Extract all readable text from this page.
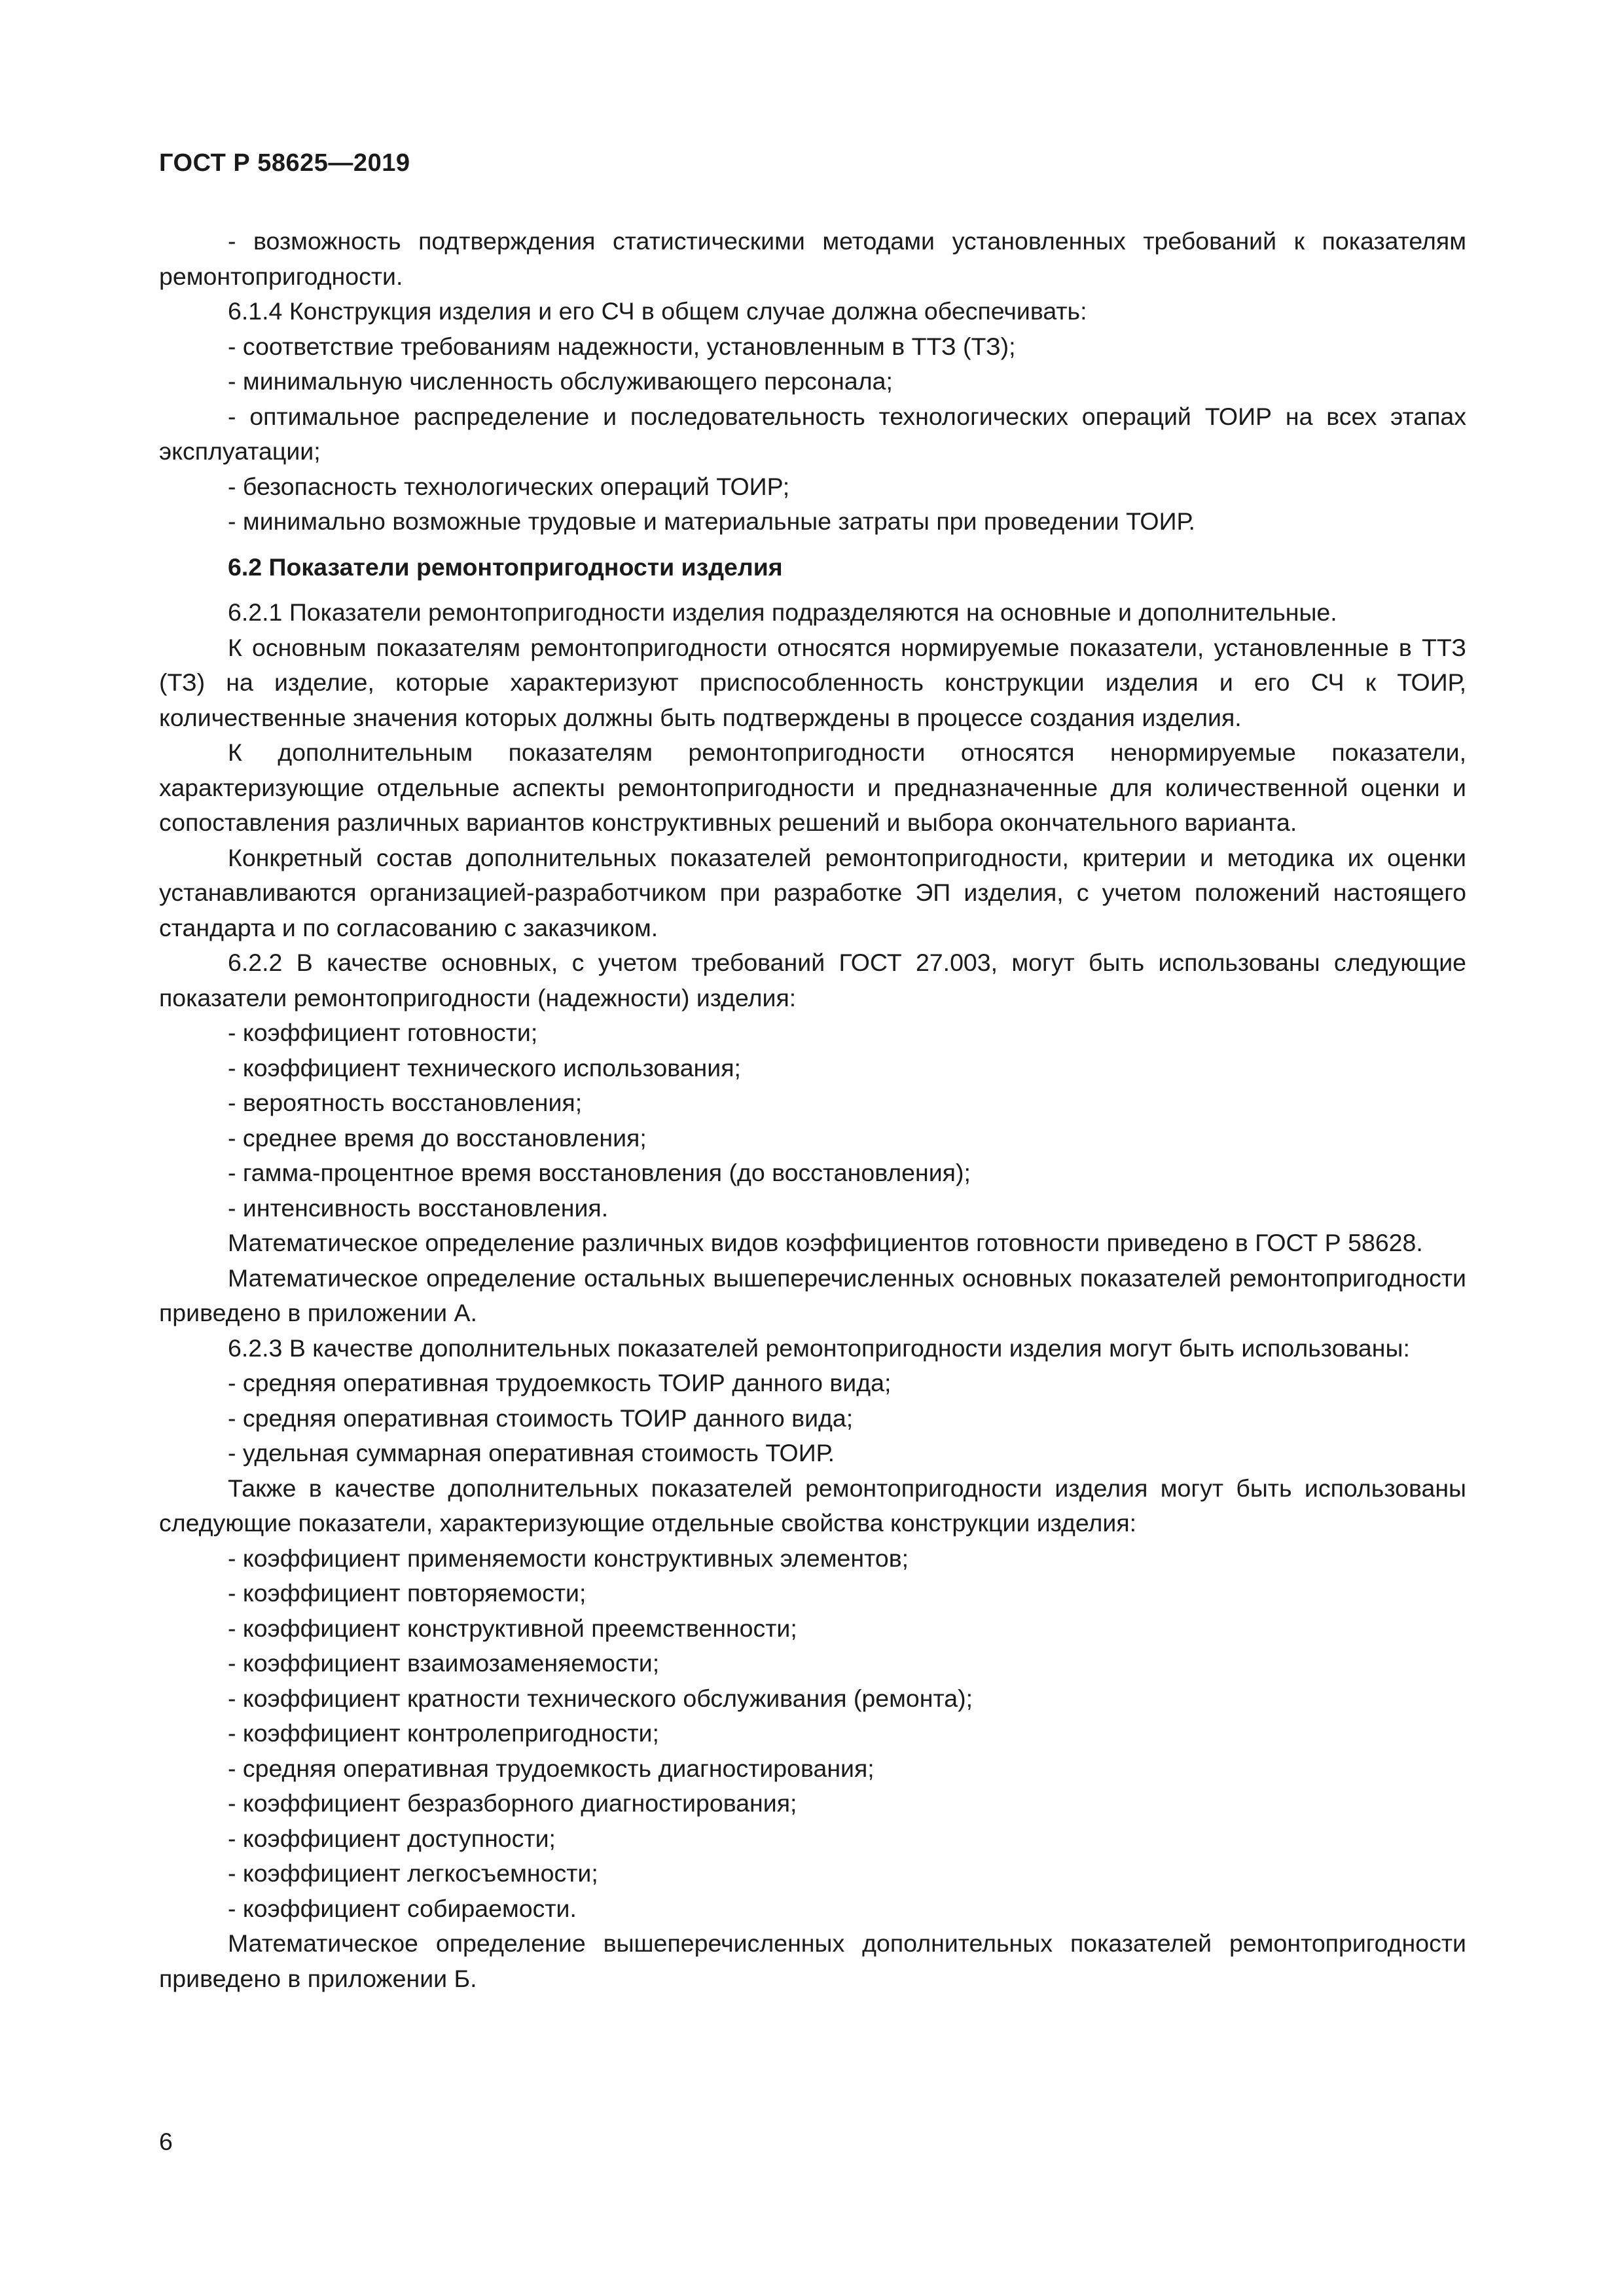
ГОСТ Р 58625—2019

- возможность подтверждения статистическими методами установленных требований к показателям ремонтопригодности.

6.1.4 Конструкция изделия и его СЧ в общем случае должна обеспечивать:

- соответствие требованиям надежности, установленным в ТТЗ (ТЗ);

- минимальную численность обслуживающего персонала;

- оптимальное распределение и последовательность технологических операций ТОИР на всех этапах эксплуатации;

- безопасность технологических операций ТОИР;

- минимально возможные трудовые и материальные затраты при проведении ТОИР.

6.2 Показатели ремонтопригодности изделия

6.2.1 Показатели ремонтопригодности изделия подразделяются на основные и дополнительные.

К основным показателям ремонтопригодности относятся нормируемые показатели, установленные в ТТЗ (ТЗ) на изделие, которые характеризуют приспособленность конструкции изделия и его СЧ к ТОИР, количественные значения которых должны быть подтверждены в процессе создания изделия.

К дополнительным показателям ремонтопригодности относятся ненормируемые показатели, характеризующие отдельные аспекты ремонтопригодности и предназначенные для количественной оценки и сопоставления различных вариантов конструктивных решений и выбора окончательного варианта.

Конкретный состав дополнительных показателей ремонтопригодности, критерии и методика их оценки устанавливаются организацией-разработчиком при разработке ЭП изделия, с учетом положений настоящего стандарта и по согласованию с заказчиком.

6.2.2 В качестве основных, с учетом требований ГОСТ 27.003, могут быть использованы следующие показатели ремонтопригодности (надежности) изделия:

- коэффициент готовности;

- коэффициент технического использования;

- вероятность восстановления;

- среднее время до восстановления;

- гамма-процентное время восстановления (до восстановления);

- интенсивность восстановления.

Математическое определение различных видов коэффициентов готовности приведено в ГОСТ Р 58628.

Математическое определение остальных вышеперечисленных основных показателей ремонтопригодности приведено в приложении А.

6.2.3 В качестве дополнительных показателей ремонтопригодности изделия могут быть использованы:

- средняя оперативная трудоемкость ТОИР данного вида;

- средняя оперативная стоимость ТОИР данного вида;

- удельная суммарная оперативная стоимость ТОИР.

Также в качестве дополнительных показателей ремонтопригодности изделия могут быть использованы следующие показатели, характеризующие отдельные свойства конструкции изделия:

- коэффициент применяемости конструктивных элементов;

- коэффициент повторяемости;

- коэффициент конструктивной преемственности;

- коэффициент взаимозаменяемости;

- коэффициент кратности технического обслуживания (ремонта);

- коэффициент контролепригодности;

- средняя оперативная трудоемкость диагностирования;

- коэффициент безразборного диагностирования;

- коэффициент доступности;

- коэффициент легкосъемности;

- коэффициент собираемости.

Математическое определение вышеперечисленных дополнительных показателей ремонтопригодности приведено в приложении Б.

6
